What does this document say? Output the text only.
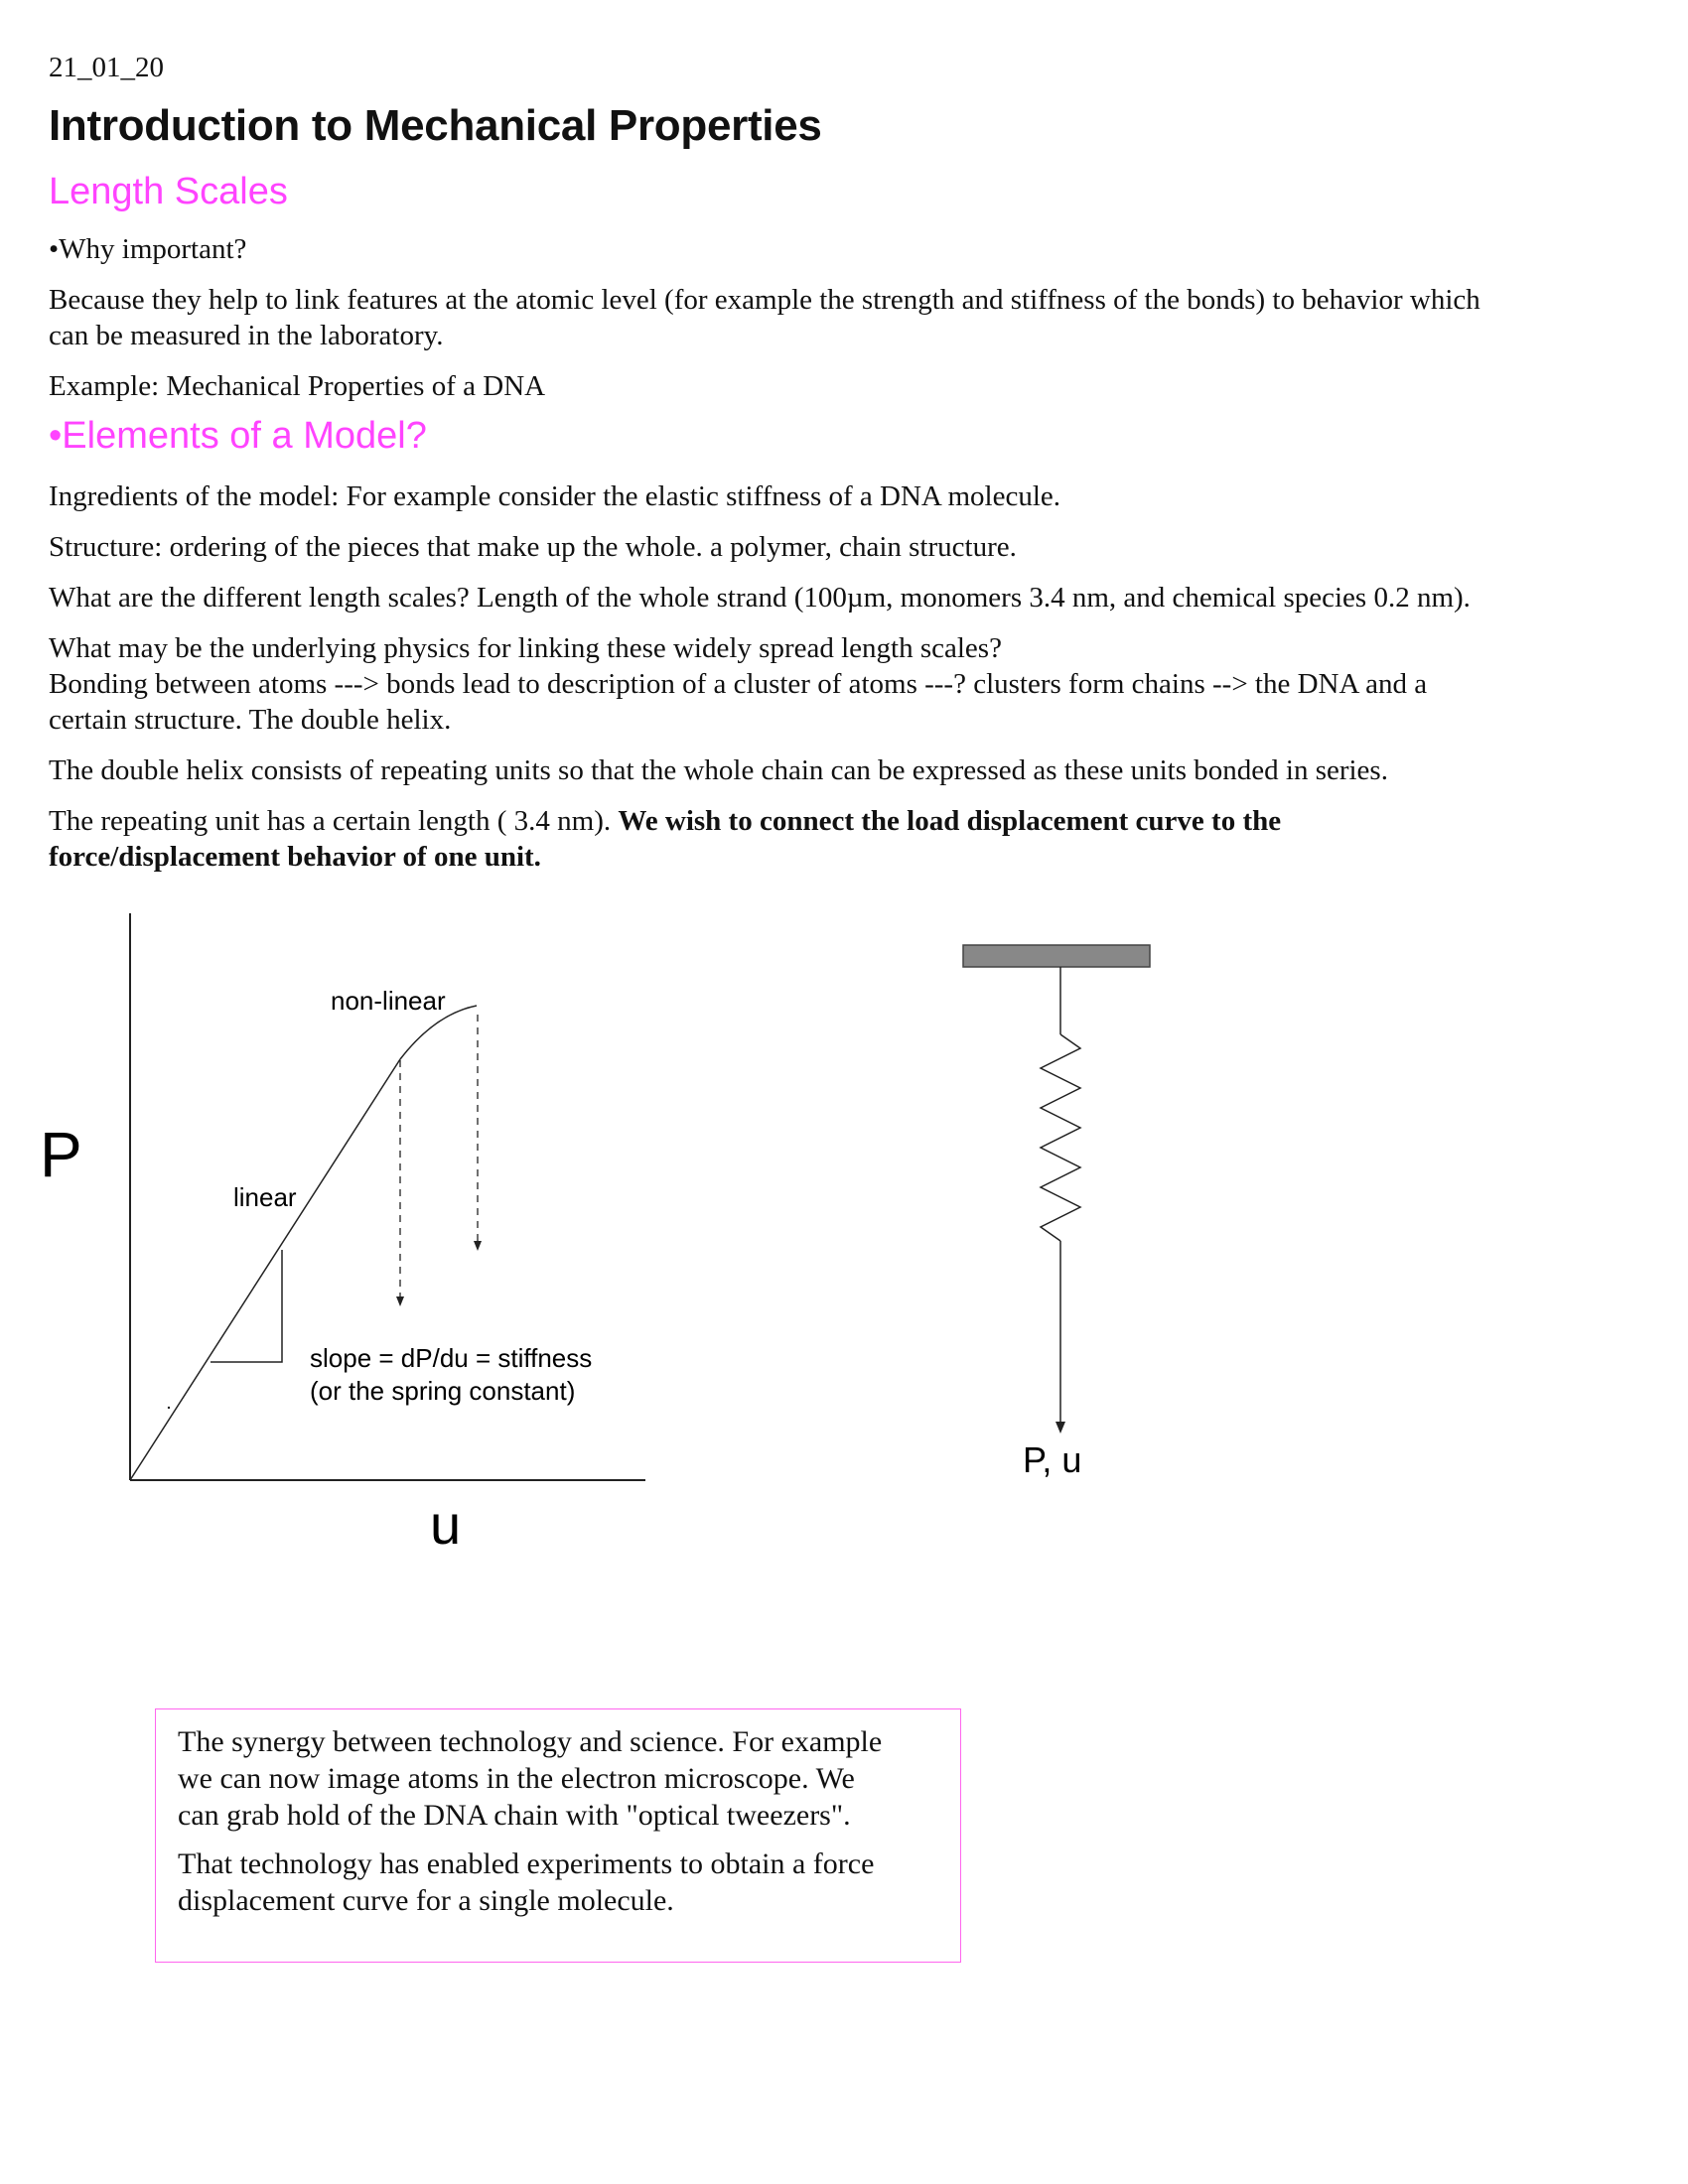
21_01_20
Introduction to Mechanical Properties
Length Scales
•Why important?
Because they help to link features at the atomic level (for example the strength and stiffness of the bonds) to behavior which
can be measured in the laboratory.
Example: Mechanical Properties of a DNA
•Elements of a Model?
Ingredients of the model: For example consider the elastic stiffness of a DNA molecule.
Structure: ordering of the pieces that make up the whole. a polymer, chain structure.
What are the different length scales? Length of the whole strand (100µm, monomers 3.4 nm, and chemical species 0.2 nm).
What may be the underlying physics for linking these widely spread length scales?
Bonding between atoms ---> bonds lead to description of a cluster of atoms ---? clusters form chains --> the DNA and a
certain structure. The double helix.
The double helix consists of repeating units so that the whole chain can be expressed as these units bonded in series.
The repeating unit has a certain length ( 3.4 nm). We wish to connect the load displacement curve to the
force/displacement behavior of one unit.
P
u
non-linear
linear
slope = dP/du = stiffness
(or the spring constant)
P, u

The synergy between technology and science. For example
we can now image atoms in the electron microscope. We
can grab hold of the DNA chain with "optical tweezers".

That technology has enabled experiments to obtain a force
displacement curve for a single molecule.
